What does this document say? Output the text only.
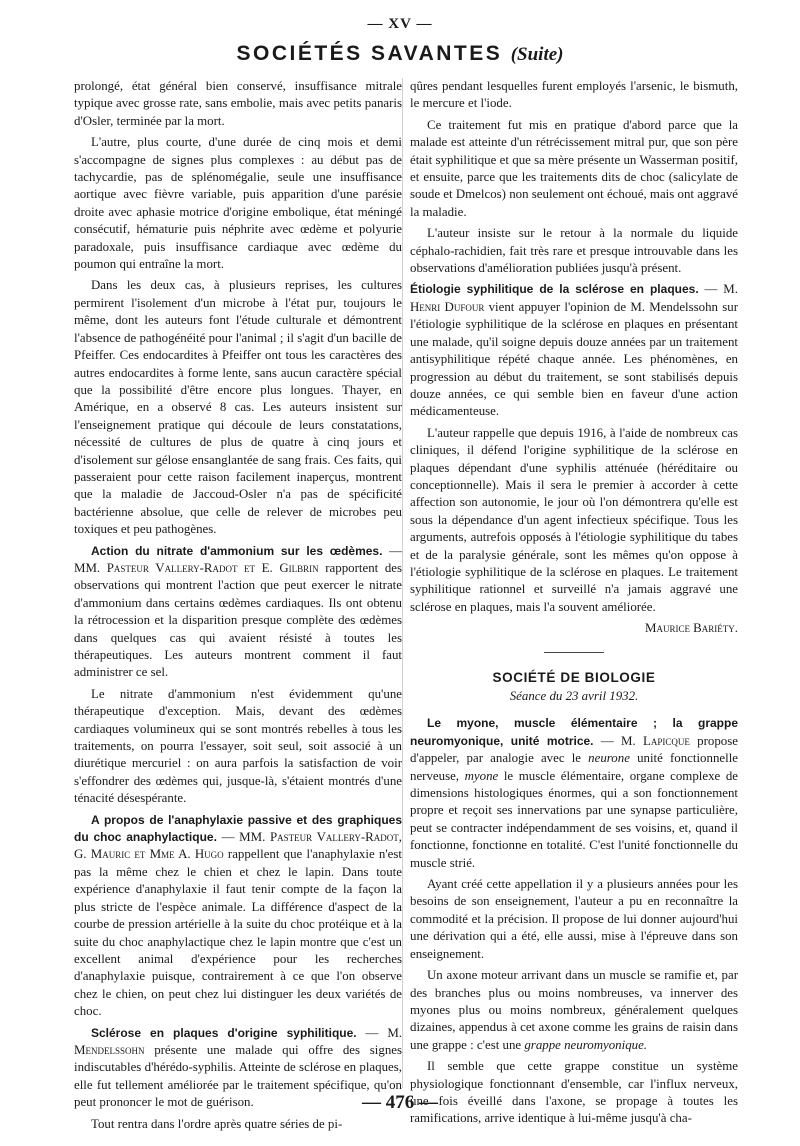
— XV —
SOCIÉTÉS SAVANTES (Suite)

prolongé, état général bien conservé, insuffisance mitrale typique avec grosse rate, sans embolie, mais avec petits panaris d'Osler, terminée par la mort.

L'autre, plus courte, d'une durée de cinq mois et demi s'accompagne de signes plus complexes : au début pas de tachycardie, pas de splénomégalie, seule une insuffisance aortique avec fièvre variable, puis apparition d'une parésie droite avec aphasie motrice d'origine embolique, état méningé consécutif, hématurie puis néphrite avec œdème et polyurie paradoxale, puis insuffisance cardiaque avec œdème du poumon qui entraîne la mort.

Dans les deux cas, à plusieurs reprises, les cultures permirent l'isolement d'un microbe à l'état pur, toujours le même, dont les auteurs font l'étude culturale et démontrent l'absence de pathogénéité pour l'animal ; il s'agit d'un bacille de Pfeiffer. Ces endocardites à Pfeiffer ont tous les caractères des autres endocardites à forme lente, sans aucun caractère spécial que la possibilité d'être encore plus longues. Thayer, en Amérique, en a observé 8 cas. Les auteurs insistent sur l'enseignement pratique qui découle de leurs constatations, nécessité de cultures de plus de quatre à cinq jours et d'isolement sur gélose ensanglantée de sang frais. Ces faits, qui passeraient pour cette raison facilement inaperçus, montrent que la maladie de Jaccoud-Osler n'a pas de spécificité bactérienne absolue, que celle de relever de microbes peu toxiques et peu pathogènes.

Action du nitrate d'ammonium sur les œdèmes. — MM. Pasteur Vallery-Radot et E. Gilbrin rapportent des observations qui montrent l'action que peut exercer le nitrate d'ammonium dans certains œdèmes cardiaques. Ils ont obtenu la rétrocession et la disparition presque complète des œdèmes dans quelques cas qui avaient résisté à toutes les thérapeutiques. Les auteurs montrent comment il faut administrer ce sel.

Le nitrate d'ammonium n'est évidemment qu'une thérapeutique d'exception. Mais, devant des œdèmes cardiaques volumineux qui se sont montrés rebelles à tous les traitements, on pourra l'essayer, soit seul, soit associé à un diurétique mercuriel : on aura parfois la satisfaction de voir s'effondrer des œdèmes qui, jusque-là, s'étaient montrés d'une ténacité désespérante.

A propos de l'anaphylaxie passive et des graphiques du choc anaphylactique. — MM. Pasteur Vallery-Radot, G. Mauric et Mme A. Hugo rappellent que l'anaphylaxie n'est pas la même chez le chien et chez le lapin. Dans toute expérience d'anaphylaxie il faut tenir compte de la façon la plus stricte de l'espèce animale. La différence d'aspect de la courbe de pression artérielle à la suite du choc protéique et à la suite du choc anaphylactique chez le lapin montre que c'est un excellent animal d'expérience pour les recherches d'anaphylaxie puisque, contrairement à ce que l'on observe chez le chien, on peut chez lui distinguer les deux variétés de choc.

Sclérose en plaques d'origine syphilitique. — M. Mendelssohn présente une malade qui offre des signes indiscutables d'hérédo-syphilis. Atteinte de sclérose en plaques, elle fut tellement améliorée par le traitement spécifique, qu'on peut prononcer le mot de guérison.

Tout rentra dans l'ordre après quatre séries de pi-

qûres pendant lesquelles furent employés l'arsenic, le bismuth, le mercure et l'iode.

Ce traitement fut mis en pratique d'abord parce que la malade est atteinte d'un rétrécissement mitral pur, que son père était syphilitique et que sa mère présente un Wasserman positif, et ensuite, parce que les traitements dits de choc (salicylate de soude et Dmelcos) non seulement ont échoué, mais ont aggravé la maladie.

L'auteur insiste sur le retour à la normale du liquide céphalo-rachidien, fait très rare et presque introuvable dans les observations d'amélioration publiées jusqu'à présent.

Étiologie syphilitique de la sclérose en plaques. — M. Henri Dufour vient appuyer l'opinion de M. Mendelssohn sur l'étiologie syphilitique de la sclérose en plaques en présentant une malade, qu'il soigne depuis douze années par un traitement antisyphilitique répété chaque année. Les phénomènes, en progression au début du traitement, se sont stabilisés depuis douze années, ce qui semble bien en faveur d'une action médicamenteuse.

L'auteur rappelle que depuis 1916, à l'aide de nombreux cas cliniques, il défend l'origine syphilitique de la sclérose en plaques dépendant d'une syphilis atténuée (héréditaire ou conceptionnelle). Mais il sera le premier à accorder à cette affection son autonomie, le jour où l'on démontrera qu'elle est sous la dépendance d'un agent infectieux spécifique. Tous les arguments, autrefois opposés à l'étiologie syphilitique du tabes et de la paralysie générale, sont les mêmes qu'on oppose à l'étiologie syphilitique de la sclérose en plaques. Le traitement syphilitique rationnel et surveillé n'a jamais aggravé une sclérose en plaques, mais l'a souvent améliorée.

Maurice Bariéty.

SOCIÉTÉ DE BIOLOGIE
Séance du 23 avril 1932.

Le myone, muscle élémentaire ; la grappe neuromyonique, unité motrice. — M. Lapicque propose d'appeler, par analogie avec le neurone unité fonctionnelle nerveuse, myone le muscle élémentaire, organe complexe de dimensions histologiques énormes, qui a son fonctionnement propre et reçoit ses innervations par une synapse particulière, peut se contracter indépendamment de ses voisins, et, quand il fonctionne, fonctionne en totalité. C'est l'unité fonctionnelle du muscle strié.

Ayant créé cette appellation il y a plusieurs années pour les besoins de son enseignement, l'auteur a pu en reconnaître la commodité et la précision. Il propose de lui donner aujourd'hui une dérivation qui a été, elle aussi, mise à l'épreuve dans son enseignement.

Un axone moteur arrivant dans un muscle se ramifie et, par des branches plus ou moins nombreuses, va innerver des myones plus ou moins nombreux, généralement quelques dizaines, appendus à cet axone comme les grains de raisin dans une grappe : c'est une grappe neuromyonique.

Il semble que cette grappe constitue un système physiologique fonctionnant d'ensemble, car l'influx nerveux, une fois éveillé dans l'axone, se propage à toutes les ramifications, arrive identique à lui-même jusqu'à cha-

— 476 —
